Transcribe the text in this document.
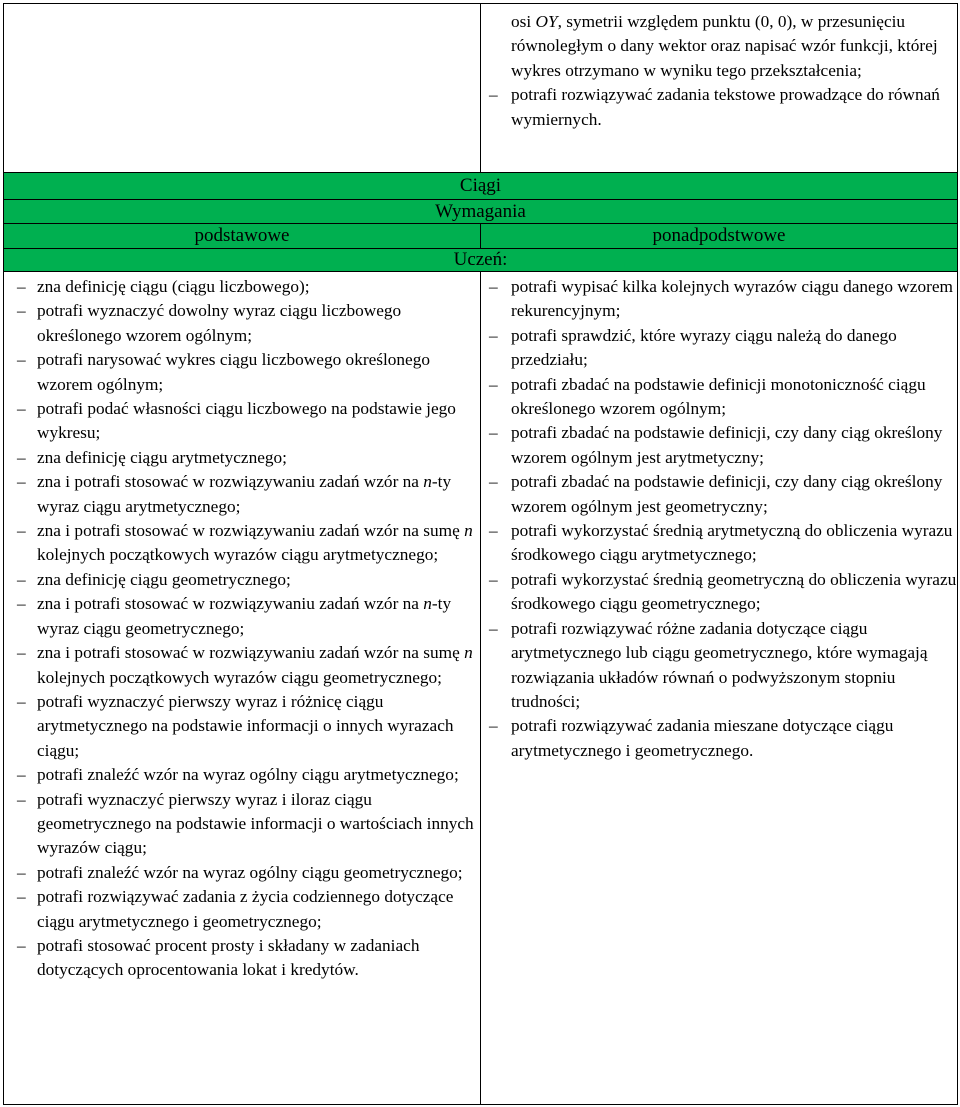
osi OY, symetrii względem punktu (0, 0), w przesunięciu równoległym o dany wektor oraz napisać wzór funkcji, której wykres otrzymano w wyniku tego przekształcenia;
– potrafi rozwiązywać zadania tekstowe prowadzące do równań wymiernych.
Ciągi
Wymagania
podstawowe	ponadpodstwowe
Uczeń:
– zna definicję ciągu (ciągu liczbowego);
– potrafi wyznaczyć dowolny wyraz ciągu liczbowego określonego wzorem ogólnym;
– potrafi narysować wykres ciągu liczbowego określonego wzorem ogólnym;
– potrafi podać własności ciągu liczbowego na podstawie jego wykresu;
– zna definicję ciągu arytmetycznego;
– zna i potrafi stosować w rozwiązywaniu zadań wzór na n-ty wyraz ciągu arytmetycznego;
– zna i potrafi stosować w rozwiązywaniu zadań wzór na sumę n kolejnych początkowych wyrazów ciągu arytmetycznego;
– zna definicję ciągu geometrycznego;
– zna i potrafi stosować w rozwiązywaniu zadań wzór na n-ty wyraz ciągu geometrycznego;
– zna i potrafi stosować w rozwiązywaniu zadań wzór na sumę n kolejnych początkowych wyrazów ciągu geometrycznego;
– potrafi wyznaczyć pierwszy wyraz i różnicę ciągu arytmetycznego na podstawie informacji o innych wyrazach ciągu;
– potrafi znaleźć wzór na wyraz ogólny ciągu arytmetycznego;
– potrafi wyznaczyć pierwszy wyraz i iloraz ciągu geometrycznego na podstawie informacji o wartościach innych wyrazów ciągu;
– potrafi znaleźć wzór na wyraz ogólny ciągu geometrycznego;
– potrafi rozwiązywać zadania z życia codziennego dotyczące ciągu arytmetycznego i geometrycznego;
– potrafi stosować procent prosty i składany w zadaniach dotyczących oprocentowania lokat i kredytów.
– potrafi wypisać kilka kolejnych wyrazów ciągu danego wzorem rekurencyjnym;
– potrafi sprawdzić, które wyrazy ciągu należą do danego przedziału;
– potrafi zbadać na podstawie definicji monotoniczność ciągu określonego wzorem ogólnym;
– potrafi zbadać na podstawie definicji, czy dany ciąg określony wzorem ogólnym jest arytmetyczny;
– potrafi zbadać na podstawie definicji, czy dany ciąg określony wzorem ogólnym jest geometryczny;
– potrafi wykorzystać średnią arytmetyczną do obliczenia wyrazu środkowego ciągu arytmetycznego;
– potrafi wykorzystać średnią geometryczną do obliczenia wyrazu środkowego ciągu geometrycznego;
– potrafi rozwiązywać różne zadania dotyczące ciągu arytmetycznego lub ciągu geometrycznego, które wymagają rozwiązania układów równań o podwyższonym stopniu trudności;
– potrafi rozwiązywać zadania mieszane dotyczące ciągu arytmetycznego i geometrycznego.
